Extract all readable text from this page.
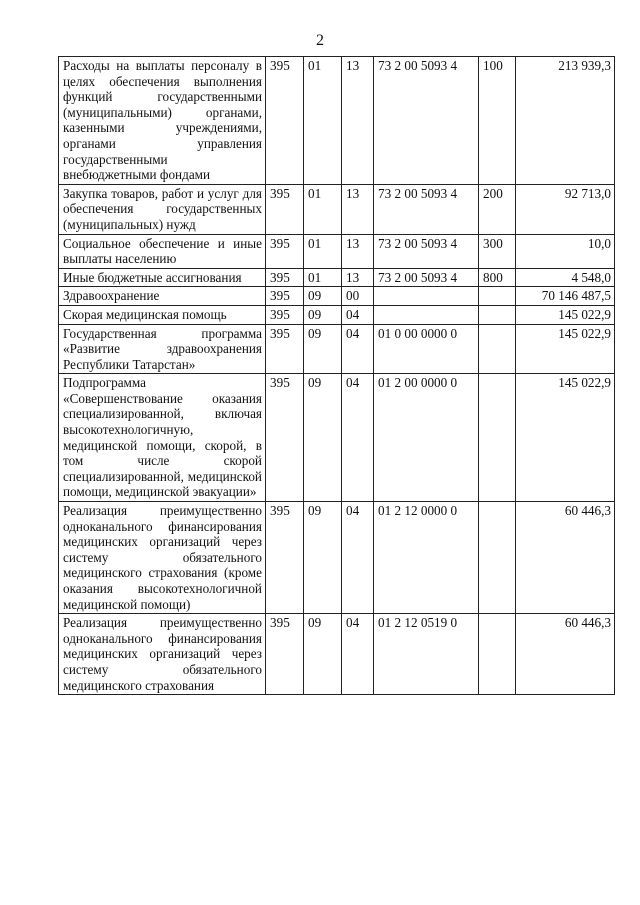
2
Расходы на выплаты персоналу в целях обеспечения выполнения функций государственными (муниципальными) органами, казенными учреждениями, органами управления государственными внебюджетными фондами	395	01	13	73 2 00 5093 4	100	213 939,3
Закупка товаров, работ и услуг для обеспечения государственных (муниципальных) нужд	395	01	13	73 2 00 5093 4	200	92 713,0
Социальное обеспечение и иные выплаты населению	395	01	13	73 2 00 5093 4	300	10,0
Иные бюджетные ассигнования	395	01	13	73 2 00 5093 4	800	4 548,0
Здравоохранение	395	09	00			70 146 487,5
Скорая медицинская помощь	395	09	04			145 022,9
Государственная программа «Развитие здравоохранения Республики Татарстан»	395	09	04	01 0 00 0000 0		145 022,9
Подпрограмма «Совершенствование оказания специализированной, включая высокотехнологичную, медицинской помощи, скорой, в том числе скорой специализированной, медицинской помощи, медицинской эвакуации»	395	09	04	01 2 00 0000 0		145 022,9
Реализация преимущественно одноканального финансирования медицинских организаций через систему обязательного медицинского страхования (кроме оказания высокотехнологичной медицинской помощи)	395	09	04	01 2 12 0000 0		60 446,3
Реализация преимущественно одноканального финансирования медицинских организаций через систему обязательного медицинского страхования	395	09	04	01 2 12 0519 0		60 446,3
